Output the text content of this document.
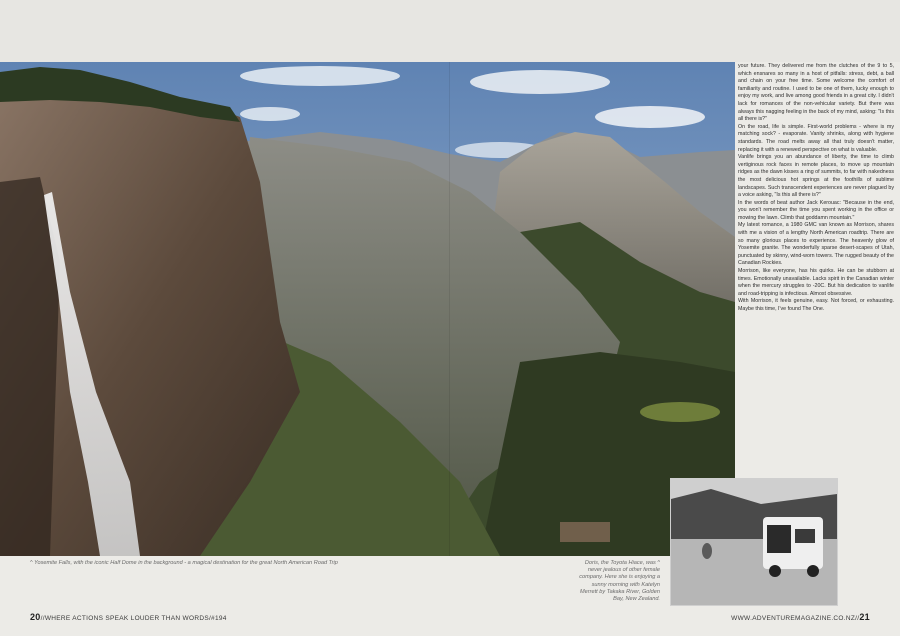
your future. They delivered me from the clutches of the 9 to 5, which ensnares so many in a host of pitfalls: stress, debt, a ball and chain on your free time. Some welcome the comfort of familiarity and routine. I used to be one of them, lucky enough to enjoy my work, and live among good friends in a great city. I didn't lack for romances of the non-vehicular variety. But there was always this nagging feeling in the back of my mind, asking: "Is this all there is?"

On the road, life is simple. First-world problems - where is my matching sock? - evaporate. Vanity shrinks, along with hygiene standards. The road melts away all that truly doesn't matter, replacing it with a renewed perspective on what is valuable.

Vanlife brings you an abundance of liberty, the time to climb vertiginous rock faces in remote places, to move up mountain ridges as the dawn kisses a ring of summits, to far with nakedness the most delicious hot springs at the foothills of sublime landscapes. Such transcendent experiences are never plagued by a voice asking, "Is this all there is?"

In the words of beat author Jack Kerouac: "Because in the end, you won't remember the time you spent working in the office or mowing the lawn. Climb that goddamn mountain."

My latest romance, a 1980 GMC van known as Morrison, shares with me a vision of a lengthy North American roadtrip. There are so many glorious places to experience. The heavenly glow of Yosemite granite. The wonderfully sparse desert-scapes of Utah, punctuated by skinny, wind-worn towers. The rugged beauty of the Canadian Rockies.

Morrison, like everyone, has his quirks. He can be stubborn at times. Emotionally unavailable. Lacks spirit in the Canadian winter when the mercury struggles to -20C. But his dedication to vanlife and road-tripping is infectious. Almost obsessive.

With Morrison, it feels genuine, easy. Not forced, or exhausting. Maybe this time, I've found The One.

^ Yosemite Falls, with the iconic Half Dome in the background - a magical destination for the great North American Road Trip	Doris, the Toyota Hiace, was ^ never jealous of other female company. Here she is enjoying a sunny morning with Katelyn Merrett by Takaka River, Golden Bay, New Zealand.
20//WHERE ACTIONS SPEAK LOUDER THAN WORDS/#194	WWW.ADVENTUREMAGAZINE.CO.NZ//21
